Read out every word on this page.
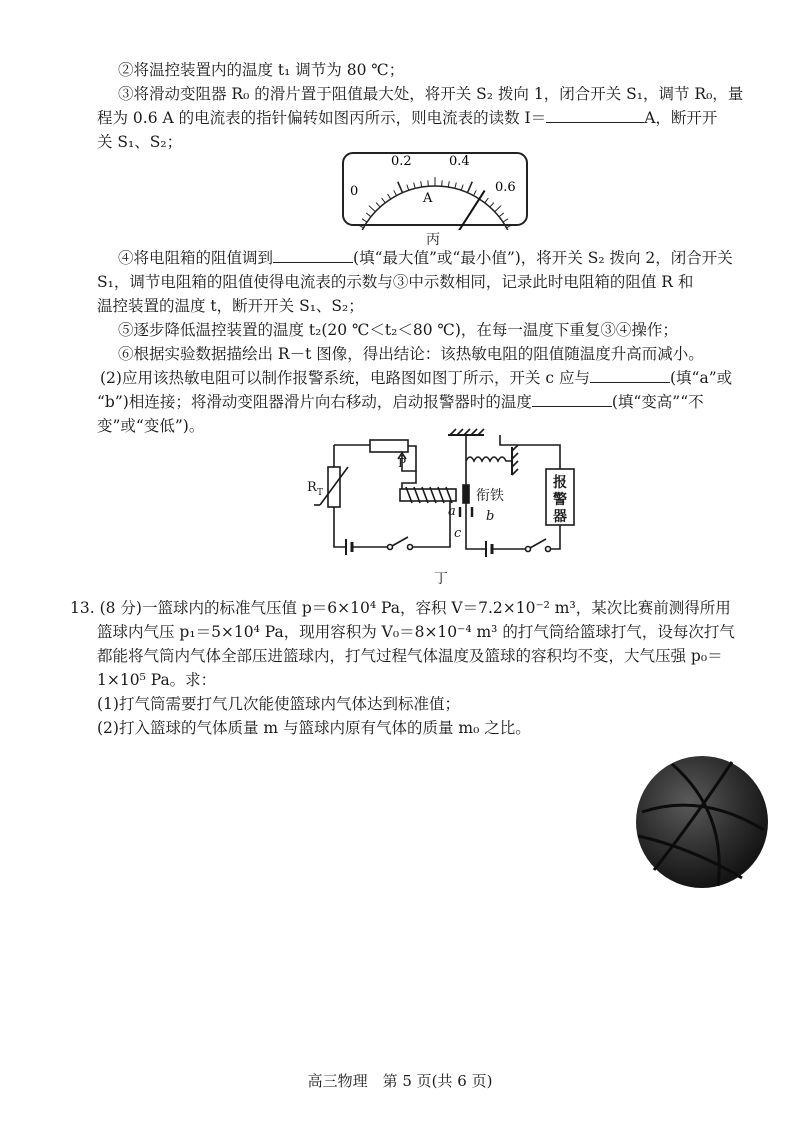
②将温控装置内的温度 t₁ 调节为 80 ℃；
③将滑动变阻器 R₀ 的滑片置于阻值最大处，将开关 S₂ 拨向 1，闭合开关 S₁，调节 R₀，量
程为 0.6 A 的电流表的指针偏转如图丙所示，则电流表的读数 I＝	A，断开开
关 S₁、S₂；
0
0.2	0.4
0.6
A
丙
④将电阻箱的阻值调到	(填“最大值”或“最小值”)，将开关 S₂ 拨向 2，闭合开关
S₁，调节电阻箱的阻值使得电流表的示数与③中示数相同，记录此时电阻箱的阻值 R 和
温控装置的温度 t，断开开关 S₁、S₂；
⑤逐步降低温控装置的温度 t₂(20 ℃＜t₂＜80 ℃)，在每一温度下重复③④操作；
⑥根据实验数据描绘出 R－t 图像，得出结论：该热敏电阻的阻值随温度升高而减小。
(2)应用该热敏电阻可以制作报警系统，电路图如图丁所示，开关 c 应与	(填“a”或
“b”)相连接；将滑动变阻器滑片向右移动，启动报警器时的温度	(填“变高”“不
变”或“变低”)。
R T
P
衔铁
a b
c
报
警
器
丁
13. (8 分)一篮球内的标准气压值 p＝6×10⁴ Pa，容积 V＝7.2×10⁻² m³，某次比赛前测得所用
篮球内气压 p₁＝5×10⁴ Pa，现用容积为 V₀＝8×10⁻⁴ m³ 的打气筒给篮球打气，设每次打气
都能将气筒内气体全部压进篮球内，打气过程气体温度及篮球的容积均不变，大气压强 p₀＝
1×10⁵ Pa。求：
(1)打气筒需要打气几次能使篮球内气体达到标准值；
(2)打入篮球的气体质量 m 与篮球内原有气体的质量 m₀ 之比。
高三物理　第 5 页(共 6 页)
